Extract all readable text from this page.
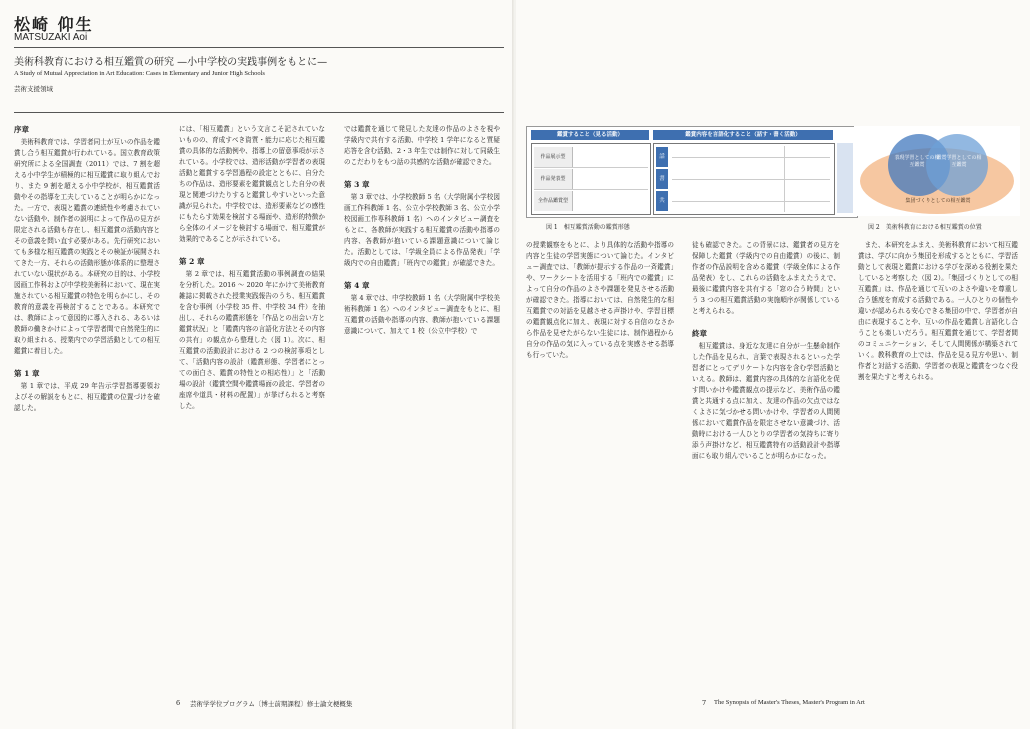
松崎 仰生
MATSUZAKI Aoi
美術科教育における相互鑑賞の研究 —小中学校の実践事例をもとに—
A Study of Mutual Appreciation in Art Education: Cases in Elementary and Junior High Schools
芸術支援領域
序章

美術科教育では、学習者同士が互いの作品を鑑賞し合う相互鑑賞が行われている。国立教育政策研究所による全国調査（2011）では、7 割を超える小中学生が積極的に相互鑑賞に取り組んでおり、また 9 割を超える小中学校が、相互鑑賞活動やその指導を工夫していることが明らかになった。一方で、表現と鑑賞の連続性や考慮されていない活動や、制作者の説明によって作品の見方が限定される活動も存在し、相互鑑賞の活動内容とその意義を問い直す必要がある。先行研究においても多様な相互鑑賞の実践とその検証が展開されてきた一方、それらの活動形態が体系的に整理されていない現状がある。本研究の目的は、小学校図画工作科および中学校美術科において、現在実施されている相互鑑賞の特色を明らかにし、その教育的意義を再検討することである。本研究では、教師によって意図的に導入される、あるいは教師の働きかけによって学習者間で自然発生的に取り組まれる、授業内での学習活動としての相互鑑賞に着目した。

第 1 章

第 1 章では、平成 29 年告示学習指導要領およびその解説をもとに、相互鑑賞の位置づけを確認した。

には、「相互鑑賞」という文言こそ記されていないものの、育成すべき資質・能力に応じた相互鑑賞の具体的な活動例や、指導上の留意事項が示されている。小学校では、造形活動が学習者の表現活動と鑑賞する学習過程の設定とともに、自分たちの作品は、造形要素を鑑賞観点とした自分の表現と関連づけたりすると鑑賞しやすいといった意識が見られた。中学校では、造形要素などの感性にもたらす効果を検討する場面や、造形的特徴から全体のイメージを検討する場面で、相互鑑賞が効果的であることが示されている。

第 2 章

第 2 章では、相互鑑賞活動の事例調査の結果を分析した。2016 〜 2020 年にかけて美術教育雑誌に掲載された授業実践報告のうち、相互鑑賞を含む事例（小学校 35 件、中学校 34 件）を抽出し、それらの鑑賞形態を「作品との出会い方と鑑賞状況」と「鑑賞内容の言語化方法とその内容の共有」の観点から整理した（図 1）。次に、相互鑑賞の活動設計における 2 つの検討事項として、「活動内容の設計（鑑賞形態、学習者にとっての面白さ、鑑賞の特性との相応性）」と「活動場の設計（鑑賞空間や鑑賞場面の設定、学習者の座席や道具・材料の配置）」が挙げられると考察した。

では鑑賞を通じて発見した友達の作品のよさを視や学級内で共有する活動、中学校 1 学年になると質疑応答を含む活動、2・3 年生では制作に対して同級生のこだわりをもつ話の共感的な活動が確認できた。

第 3 章

第 3 章では、小学校教師 5 名（大学附属小学校図画工作科教師 1 名、公立小学校教師 3 名、公立小学校図画工作専科教師 1 名）へのインタビュー調査をもとに、各教師が実践する相互鑑賞の活動や指導の内容、各教師が抱いている課題意識について論じた。活動としては、「学級全員による作品発表」「学級内での自由鑑賞」「班内での鑑賞」が確認できた。

第 4 章

第 4 章では、中学校教師 1 名（大学附属中学校美術科教師 1 名）へのインタビュー調査をもとに、相互鑑賞の活動や指導の内容、教師が抱いている課題意識について、加えて 1 校（公立中学校）で

6 芸術学学位プログラム〔博士前期課程〕修士論文梗概集
鑑賞すること（見る活動）	鑑賞内容を言語化すること（話す・書く活動）
作品展示型
作品発表型
全作品鑑賞型
話
書
共
図 1　相互鑑賞活動の鑑賞形態
表現学習としての相互鑑賞
鑑賞学習としての相互鑑賞
集団づくりとしての相互鑑賞
図 2　美術科教育における相互鑑賞の位置

の授業観察をもとに、より具体的な活動や指導の内容と生徒の学習実態について論じた。インタビュー調査では、「教師が提示する作品の一斉鑑賞」や、ワークシートを活用する「班内での鑑賞」によって自分の作品のよさや課題を発見させる活動が確認できた。指導においては、自然発生的な相互鑑賞での対話を見越させる声掛けや、学習目標の鑑賞観点化に加え、表現に対する自信のなさから作品を見せたがらない生徒には、制作過程から自分の作品の気に入っている点を実感させる指導も行っていた。

徒も確認できた。この背景には、鑑賞者の見方を保障した鑑賞（学級内での自由鑑賞）の後に、制作者の作品説明を含める鑑賞（学級全体による作品発表）をし、これらの活動をふまえたうえで、最後に鑑賞内容を共有する「窓の合う時間」という 3 つの相互鑑賞活動の実施順序が関係していると考えられる。

終章

相互鑑賞は、身近な友達に自分が一生懸命制作した作品を見られ、言葉で表現されるといった学習者にとってデリケートな内容を含む学習活動といえる。教師は、鑑賞内容の具体的な言語化を促す問いかけや鑑賞観点の提示など、美術作品の鑑賞と共通する点に加え、友達の作品の欠点ではなくよさに気づかせる問いかけや、学習者の人間関係において鑑賞作品を限定させない意識づけ、活動時における一人ひとりの学習者の気持ちに寄り添う声掛けなど、相互鑑賞特有の活動設計や指導面にも取り組んでいることが明らかになった。

また、本研究をふまえ、美術科教育において相互鑑賞は、学びに向かう集団を形成するとともに、学習活動として表現と鑑賞における学びを深める役割を果たしていると考察した（図 2）。「集団づくりとしての相互鑑賞」は、作品を通じて互いのよさや違いを尊重し合う態度を育成する活動である。一人ひとりの個性や違いが認められる安心できる集団の中で、学習者が自由に表現することや、互いの作品を鑑賞し言語化し合うことも楽しいだろう。相互鑑賞を通じて、学習者間のコミュニケーション、そして人間関係が構築されていく。教科教育の上では、作品を見る見方や思い、制作者と対話する活動、学習者の表現と鑑賞をつなぐ役割を果たすと考えられる。

7 The Synopsis of Master's Theses, Master's Program in Art
